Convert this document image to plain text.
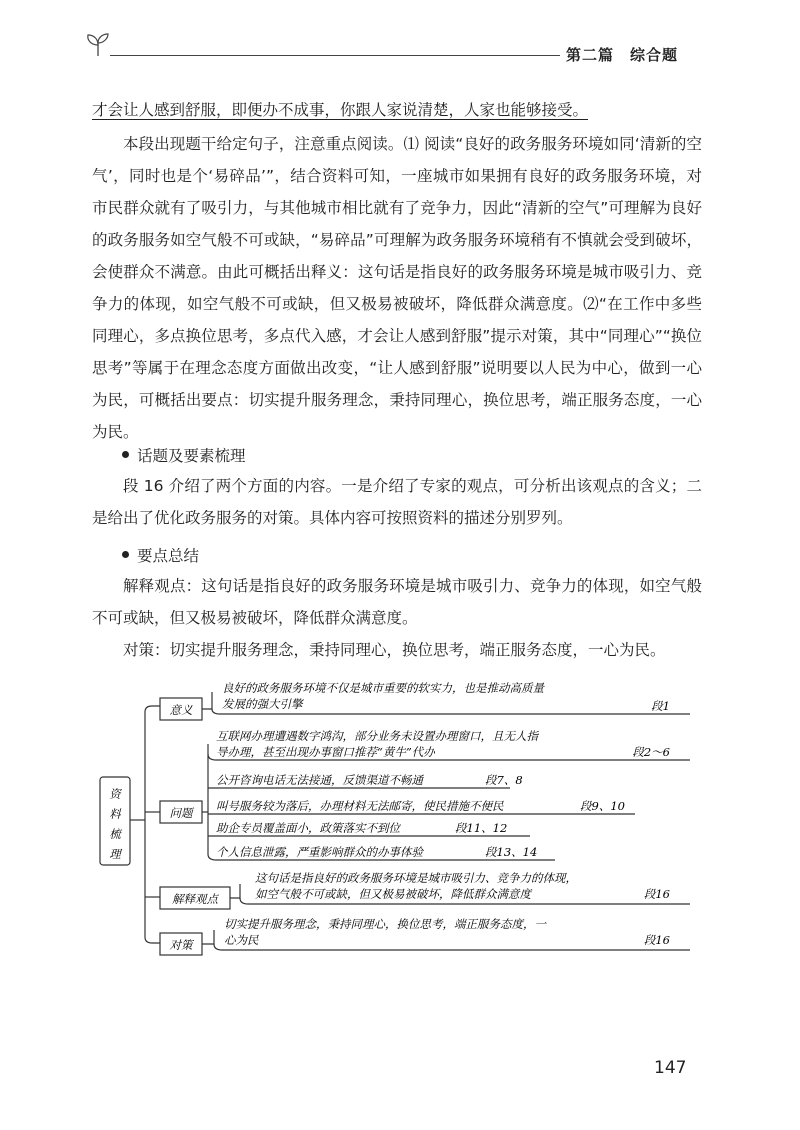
第二篇 综合题
才会让人感到舒服，即便办不成事，你跟人家说清楚，人家也能够接受。
本段出现题干给定句子，注意重点阅读。⑴ 阅读“良好的政务服务环境如同‘清新的空气’，同时也是个‘易碎品’”，结合资料可知，一座城市如果拥有良好的政务服务环境，对市民群众就有了吸引力，与其他城市相比就有了竞争力，因此“清新的空气”可理解为良好的政务服务如空气般不可或缺，“易碎品”可理解为政务服务环境稍有不慎就会受到破坏，会使群众不满意。由此可概括出释义：这句话是指良好的政务服务环境是城市吸引力、竞争力的体现，如空气般不可或缺，但又极易被破坏，降低群众满意度。⑵“在工作中多些同理心，多点换位思考，多点代入感，才会让人感到舒服”提示对策，其中“同理心”“换位思考”等属于在理念态度方面做出改变，“让人感到舒服”说明要以人民为中心，做到一心为民，可概括出要点：切实提升服务理念，秉持同理心，换位思考，端正服务态度，一心为民。
话题及要素梳理
段 16 介绍了两个方面的内容。一是介绍了专家的观点，可分析出该观点的含义；二是给出了优化政务服务的对策。具体内容可按照资料的描述分别罗列。
要点总结
解释观点：这句话是指良好的政务服务环境是城市吸引力、竞争力的体现，如空气般不可或缺，但又极易被破坏，降低群众满意度。
对策：切实提升服务理念，秉持同理心，换位思考，端正服务态度，一心为民。

资
料
梳
理
意义
问题
解释观点
对策
良好的政务服务环境不仅是城市重要的软实力，也是推动高质量
发展的强大引擎	段1
互联网办理遭遇数字鸿沟，部分业务未设置办理窗口，且无人指
导办理，甚至出现办事窗口推荐“黄牛”代办	段2～6
公开咨询电话无法接通，反馈渠道不畅通	段7、8
叫号服务较为落后，办理材料无法邮寄，使民措施不便民	段9、10
助企专员覆盖面小，政策落实不到位	段11、12
个人信息泄露，严重影响群众的办事体验	段13、14
这句话是指良好的政务服务环境是城市吸引力、竞争力的体现，
如空气般不可或缺，但又极易被破坏，降低群众满意度	段16
切实提升服务理念，秉持同理心，换位思考，端正服务态度，一
心为民	段16
147
